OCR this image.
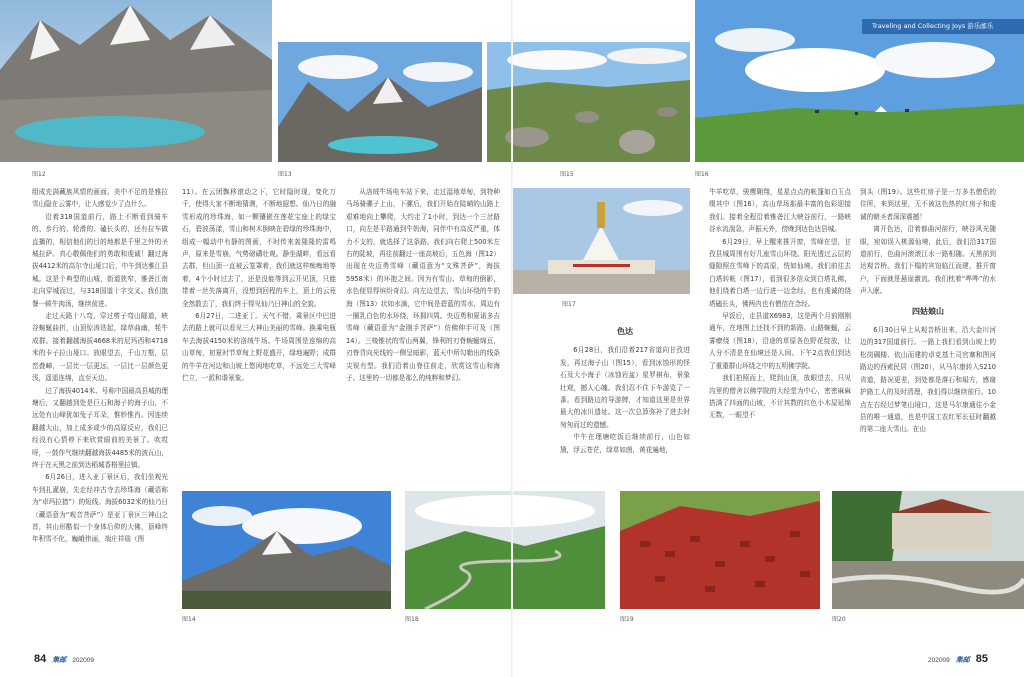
图12	图13	图15	图16
Traveling and Collecting Joys 游乐邮乐

组成充满藏族风情的画面。美中不足的是雅拉雪山隐在云雾中，让人感觉少了点什么。

沿着318国道前行，路上不断看到骑车的、步行的、轮滑的、磕长头的，还有拉车做直播的，相信他们的目的地都是千里之外的圣城拉萨。真心敬佩他们的勇敢和虔诚！翻过海拔4412米的高尔寺山垭口后，中午到达雅江县城。这是个典型的山城，街道狭窄，雅砻江南北向穿城而过，与318国道十字交叉。我们饱餐一顿牛肉汤，继续前进。

走过天路十八弯，穿过剪子弯山隧道，峡谷蜿蜒曲折，山顶惊涛迭起，绿草曲幽，牦牛成群。接着翻越海拔4668米的尼玛西和4718米的卡子拉山垭口。放眼望去，千山万壑，层峦叠嶂，一层比一层更远，一层比一层颜色更浅，遥遥连绵，直至天边。

过了海拔4014米、号称中国最高县城的理塘后，又翻越到处是巨石和海子的海子山，不远处有山峰犹如兔子耳朵，惟妙惟肖。因连续翻越大山，加上成多或少的高原反应，我们已经没有心情停下来欣赏眼前的美景了。吹哎呀，一鼓作气继续翻越海拔4485米的波瓦山，终于在天黑之前到达稻城香格里拉镇。

6月26日，进入亚丁景区后，我们坐观光车到扎灌崩，先走经冲古寺去珍珠海（藏语称为“卓玛拉措”）的短线。海拔6032米的仙乃日（藏语意为“观音菩萨”）是亚丁景区三神山之首，其山形酷似一个身体后仰的大佛，顶峰终年积雪不化，巍峨伟丽，端庄祥瑞（图

11）。在云团飘移滚动之下，它时隐时现，变化万千，使得大家不断地猜测，不断地遐想。仙乃日的融雪形成的珍珠海，如一颗镶嵌在莲花宝座上的绿宝石，碧波荡漾，雪山和树木倒映在碧绿的珍珠海中，组成一幅动中有静的图画，不时传来轰隆隆的雷鸣声，原来是雪崩，气势磅礴壮观。静坐湖畔，看远看去群，但山顶一直被云笼罩着，我们就这样痴痴地等着，4个小时过去了，还是没能等到云开见顶，只能带着一丝失落离开，没想到回程的车上，顶上的云竟全然散去了，我们终于得见仙乃日神山的全貌。

6月27日，二进亚丁。天气不错，乘景区中巴进去的路上就可以看见三大神山美丽的雪峰。换乘电瓶车去海拔4150米的洛绒牛场。牛场周围是连绵的高山草甸，初夏时节草甸上野花盛开，绿地遍野；成群的牛羊在河边和山坡上悠闲地吃草，不远处三大雪峰伫立，一派和谐景象。

从洛绒牛场电车站下来，走过湿地草甸，到特种马场骑骡子上山，下骡后，我们开始在陡峭的山路上艰难地向上攀爬，大约走了1小时，到达一个三岔路口，向左是平路通到牛奶海，同伴中有高反严重，体力不支的，就选择了这条路。我们向右爬上500米左右的陡坡，再往前翻过一座高坡后，五色海（图12）出现在央迈勇雪峰（藏语意为“文殊菩萨”，海拔5958米）的坏抱之间。因为有雪山、草甸的倒影，水色便显得缤纷奇幻。向左边望去，雪山环绕的牛奶海（图13）状如水滴，它中间是碧蓝的雪水，周边有一圈乳白色的水环绕，环拥四周。央迈勇和夏诺多吉雪峰（藏语意为“金刚手菩萨”）仿佛伸手可及（图14）。三棱锥状的雪山两翼，锋利的刃脊蜿蜒绵亘，刃脊背向光线的一侧呈暗影，蓝天中所勾勒出的线条尖锐有型。我们沿着山脊往前走，欣赏这雪山和海子。这里的一切都是那么的纯粹和梦幻。

图17
色达

6月28日，我们沿着217省道向甘孜进发，再过海子山（图15），看到冰蚀形的怪石及大小海子（冰蚀岩盆）星罗棋布，景象壮观，撼人心魄。我们忍不住下车游览了一番。看到路边的导游牌，才知道这里是世界最大的冰川遗址。这一次总算弥补了进去时匆匆而过的遗憾。

中午在理塘吃饭后继续前行，山色如黛，浮云苍茫，绿草如茵，黄花遍地，

牛羊吃草，骏鹰翱翔，星星点点的帐篷如白玉点缀其中（图16），高山草场那最丰富的色彩迎接我们。接着全程沿着雅砻江大峡谷前行，一路峡谷水流湍急，声振天外，傍晚到达色达县城。

6月29日，早上醒来推开窗，雪峰在望，甘孜县城周围有好几座雪山环绕。阳光透过云层的缝隙照在雪峰下的高原，恍如仙境。我们前往去白塔转帐（图17），看到很多信众到白塔礼佛，他们绕着白塔一边行进一边念经，也有虔诚的绕塔磕长头，佛两内也有僧信在念经。

早饭后，走县道X6983，这是两个月前刚刚通车，在地图上还找不到的新路。山路蜿蜒，云雾缭绕（图18），沿途的草原各色野花绽放，让人分不清是在仙境还是人间。下午2点我们到达了重重群山环绕之中的五明佛学院。

我们拍照而上，爬到山顶，放眼望去，只见沟里的僧舍以佛学院的大经堂为中心，密密麻麻搭满了四面的山坡，不计其数的红色小木屋延绵无数，一眼望不

到头（图19）。这些红房子是一万多名僧侣的住所，来到这里，无不被这色热的红房子和虔诚的朝圣者深深震撼！

离开色达，沿着都曲河前行，峡谷风光随眼，宛如误入桃源仙境，此后，我们沿317国道前行，色曲河滚滚江水一路相随。天黑前到达观音桥。我们下榻的宾馆临江而建，推开窗户，下面就是悬崖激流。我们枕着“哗哗”的水声入眠。

四姑娘山

6月30日早上从观音桥出来，沿大金川河边的317国道前行。一路上我们看到山坡上的松岗碉楼、依山而建的卓克基土司官寨和图河路边的西索民居（图20），从马尔康转入S210省道，路况更差，到处都是落石和塌方，感谢护路工人的及时清理，我们得以继续前行。10点左右经过梦笔山垭口，这是马尔康通往小金县的唯一通道，也是中国工农红军长征时翻越的第二座大雪山。在山

图14	图18	图19	图20
84 集邮 202009	202009 集邮 85
